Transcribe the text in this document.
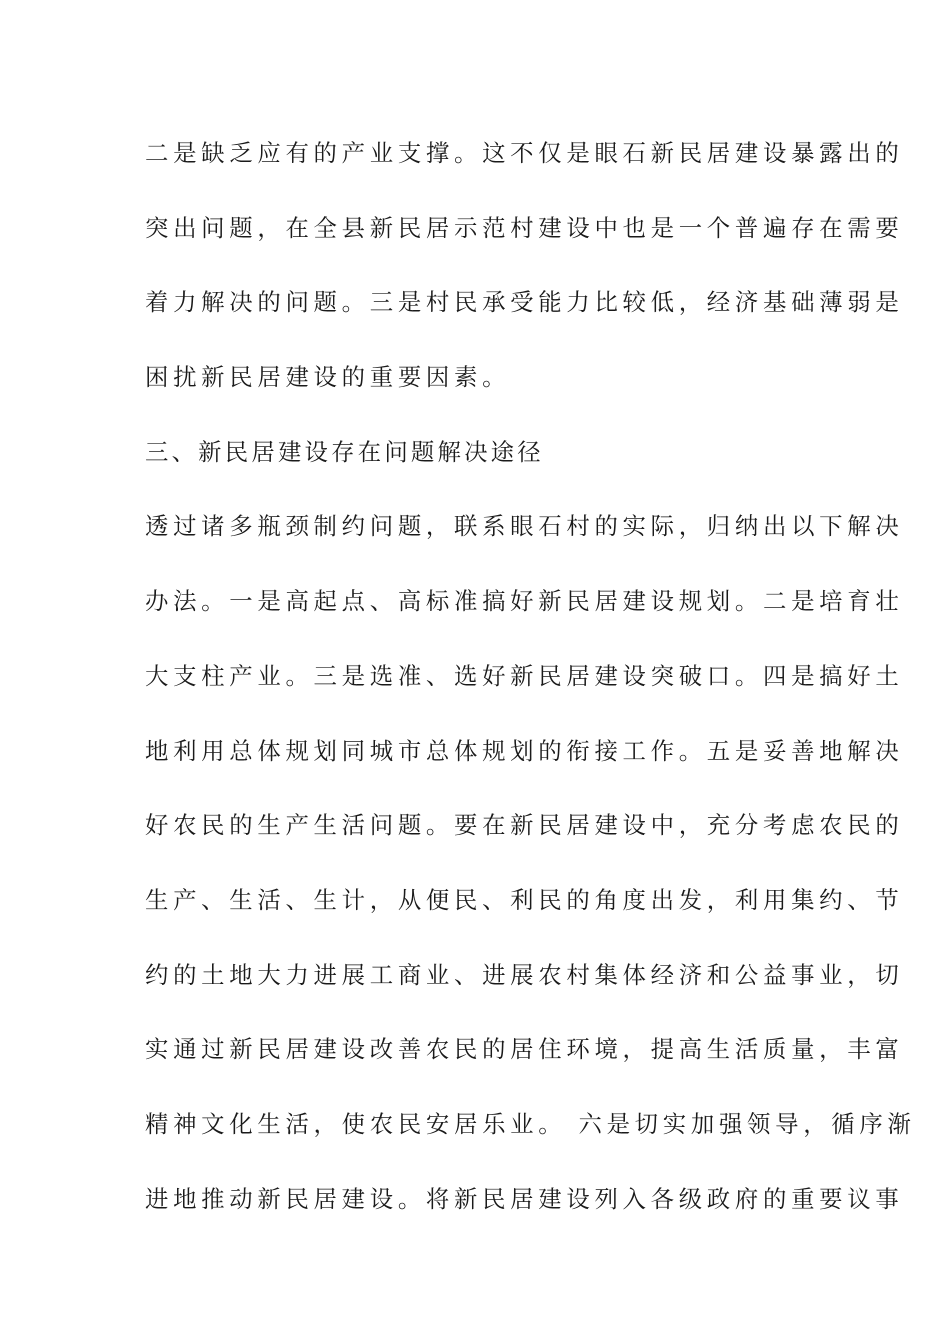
二是缺乏应有的产业支撑。这不仅是眼石新民居建设暴露出的
突出问题，在全县新民居示范村建设中也是一个普遍存在需要
着力解决的问题。三是村民承受能力比较低，经济基础薄弱是
困扰新民居建设的重要因素。
三、新民居建设存在问题解决途径
透过诸多瓶颈制约问题，联系眼石村的实际，归纳出以下解决
办法。一是高起点、高标准搞好新民居建设规划。二是培育壮
大支柱产业。三是选准、选好新民居建设突破口。四是搞好土
地利用总体规划同城市总体规划的衔接工作。五是妥善地解决
好农民的生产生活问题。要在新民居建设中，充分考虑农民的
生产、生活、生计，从便民、利民的角度出发，利用集约、节
约的土地大力进展工商业、进展农村集体经济和公益事业，切
实通过新民居建设改善农民的居住环境，提高生活质量，丰富
精神文化生活，使农民安居乐业。 六是切实加强领导，循序渐
进地推动新民居建设。将新民居建设列入各级政府的重要议事
